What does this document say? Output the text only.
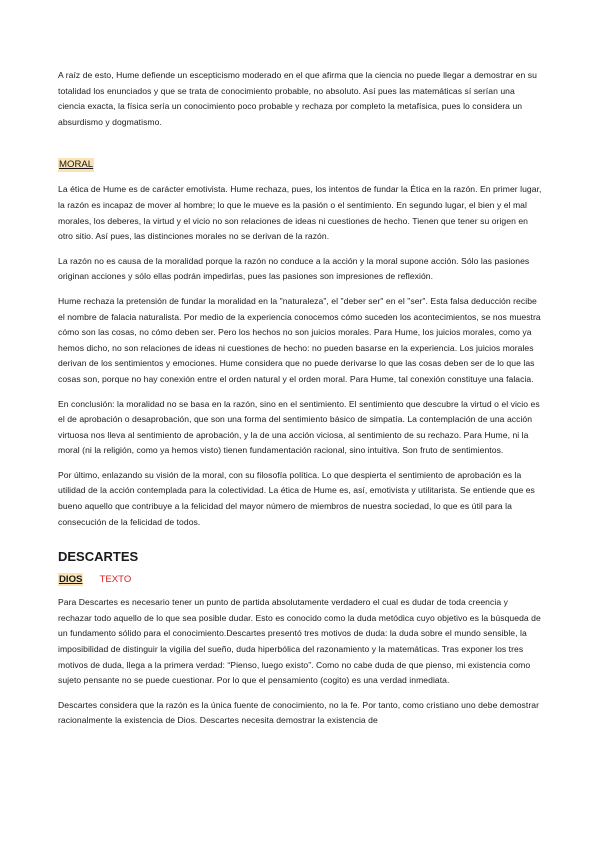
A raíz de esto, Hume defiende un escepticismo moderado en el que afirma que la ciencia no puede llegar a demostrar en su totalidad los enunciados y que se trata de conocimiento probable, no absoluto. Así pues las matemáticas sí serían una ciencia exacta, la física sería un conocimiento poco probable y rechaza por completo la metafísica, pues lo considera un absurdismo y dogmatismo.

MORAL

La ética de Hume es de carácter emotivista. Hume rechaza, pues, los intentos de fundar la Ética en la razón. En primer lugar, la razón es incapaz de mover al hombre; lo que le mueve es la pasión o el sentimiento. En segundo lugar, el bien y el mal morales, los deberes, la virtud y el vicio no son relaciones de ideas ni cuestiones de hecho. Tienen que tener su origen en otro sitio. Así pues, las distinciones morales no se derivan de la razón.

La razón no es causa de la moralidad porque la razón no conduce a la acción y la moral supone acción. Sólo las pasiones originan acciones y sólo ellas podrán impedirlas, pues las pasiones son impresiones de reflexión.

Hume rechaza la pretensión de fundar la moralidad en la "naturaleza", el "deber ser" en el "ser". Esta falsa deducción recibe el nombre de falacia naturalista. Por medio de la experiencia conocemos cómo suceden los acontecimientos, se nos muestra cómo son las cosas, no cómo deben ser. Pero los hechos no son juicios morales. Para Hume, los juicios morales, como ya hemos dicho, no son relaciones de ideas ni cuestiones de hecho: no pueden basarse en la experiencia. Los juicios morales derivan de los sentimientos y emociones. Hume considera que no puede derivarse lo que las cosas deben ser de lo que las cosas son, porque no hay conexión entre el orden natural y el orden moral. Para Hume, tal conexión constituye una falacia.

En conclusión: la moralidad no se basa en la razón, sino en el sentimiento. El sentimiento que descubre la virtud o el vicio es el de aprobación o desaprobación, que son una forma del sentimiento básico de simpatía. La contemplación de una acción virtuosa nos lleva al sentimiento de aprobación, y la de una acción viciosa, al sentimiento de su rechazo. Para Hume, ni la moral (ni la religión, como ya hemos visto) tienen fundamentación racional, sino intuitiva. Son fruto de sentimientos.

Por último, enlazando su visión de la moral, con su filosofía política. Lo que despierta el sentimiento de aprobación es la utilidad de la acción contemplada para la colectividad. La ética de Hume es, así, emotivista y utilitarista. Se entiende que es bueno aquello que contribuye a la felicidad del mayor número de miembros de nuestra sociedad, lo que es útil para la consecución de la felicidad de todos.

DESCARTES
DIOS TEXTO

Para Descartes es necesario tener un punto de partida absolutamente verdadero el cual es dudar de toda creencia y rechazar todo aquello de lo que sea posible dudar. Esto es conocido como la duda metódica cuyo objetivo es la búsqueda de un fundamento sólido para el conocimiento.Descartes presentó tres motivos de duda: la duda sobre el mundo sensible, la imposibilidad de distinguir la vigilia del sueño, duda hiperbólica del razonamiento y la matemáticas. Tras exponer los tres motivos de duda, llega a la primera verdad: “Pienso, luego existo”. Como no cabe duda de que pienso, mi existencia como sujeto pensante no se puede cuestionar. Por lo que el pensamiento (cogito) es una verdad inmediata.

Descartes considera que la razón es la única fuente de conocimiento, no la fe. Por tanto, como cristiano uno debe demostrar racionalmente la existencia de Dios. Descartes necesita demostrar la existencia de
